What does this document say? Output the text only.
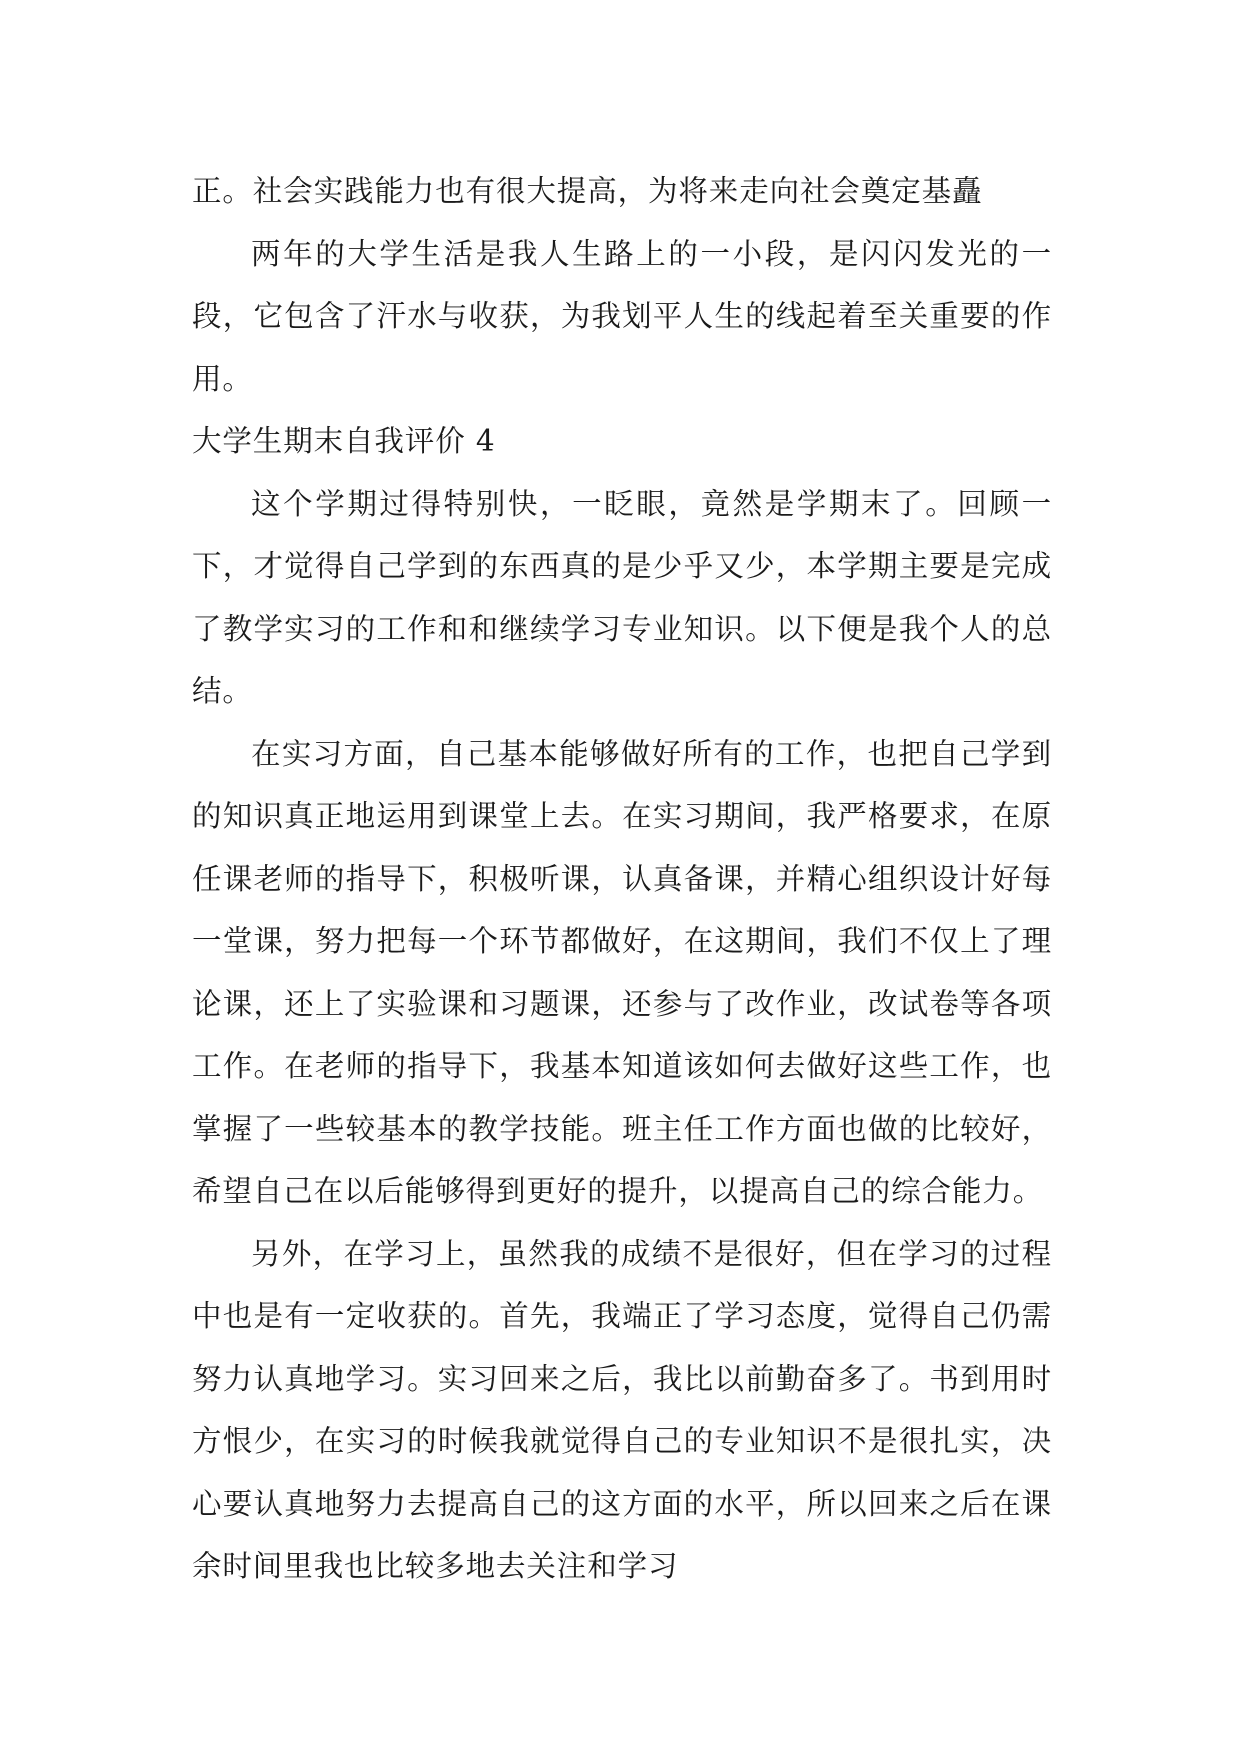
正。社会实践能力也有很大提高，为将来走向社会奠定基矗

两年的大学生活是我人生路上的一小段，是闪闪发光的一段，它包含了汗水与收获，为我划平人生的线起着至关重要的作用。

大学生期末自我评价 4

这个学期过得特别快，一眨眼，竟然是学期末了。回顾一下，才觉得自己学到的东西真的是少乎又少，本学期主要是完成了教学实习的工作和和继续学习专业知识。以下便是我个人的总结。

在实习方面，自己基本能够做好所有的工作，也把自己学到的知识真正地运用到课堂上去。在实习期间，我严格要求，在原任课老师的指导下，积极听课，认真备课，并精心组织设计好每一堂课，努力把每一个环节都做好，在这期间，我们不仅上了理论课，还上了实验课和习题课，还参与了改作业，改试卷等各项工作。在老师的指导下，我基本知道该如何去做好这些工作，也掌握了一些较基本的教学技能。班主任工作方面也做的比较好，希望自己在以后能够得到更好的提升，以提高自己的综合能力。

另外，在学习上，虽然我的成绩不是很好，但在学习的过程中也是有一定收获的。首先，我端正了学习态度，觉得自己仍需努力认真地学习。实习回来之后，我比以前勤奋多了。书到用时方恨少，在实习的时候我就觉得自己的专业知识不是很扎实，决心要认真地努力去提高自己的这方面的水平，所以回来之后在课余时间里我也比较多地去关注和学习
